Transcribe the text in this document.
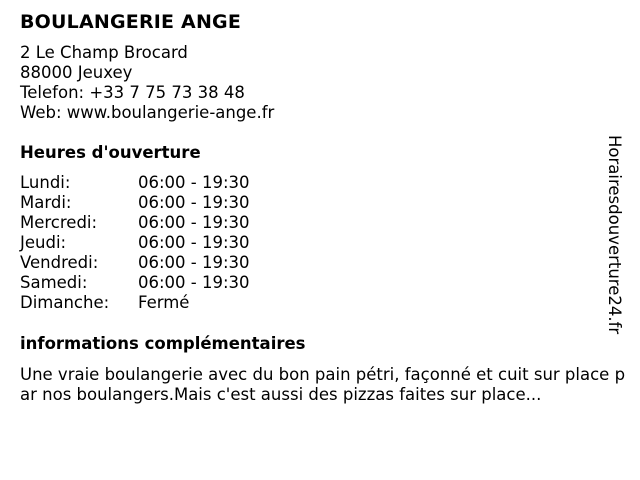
BOULANGERIE ANGE
2 Le Champ Brocard
88000 Jeuxey
Telefon: +33 7 75 73 38 48
Web: www.boulangerie-ange.fr
Heures d'ouverture
Lundi:	06:00 - 19:30
Mardi:	06:00 - 19:30
Mercredi:	06:00 - 19:30
Jeudi:	06:00 - 19:30
Vendredi:	06:00 - 19:30
Samedi:	06:00 - 19:30
Dimanche:	Fermé
informations complémentaires
Une vraie boulangerie avec du bon pain pétri, façonné et cuit sur place par nos boulangers.Mais c'est aussi des pizzas faites sur place...
Horairesdouverture24.fr
